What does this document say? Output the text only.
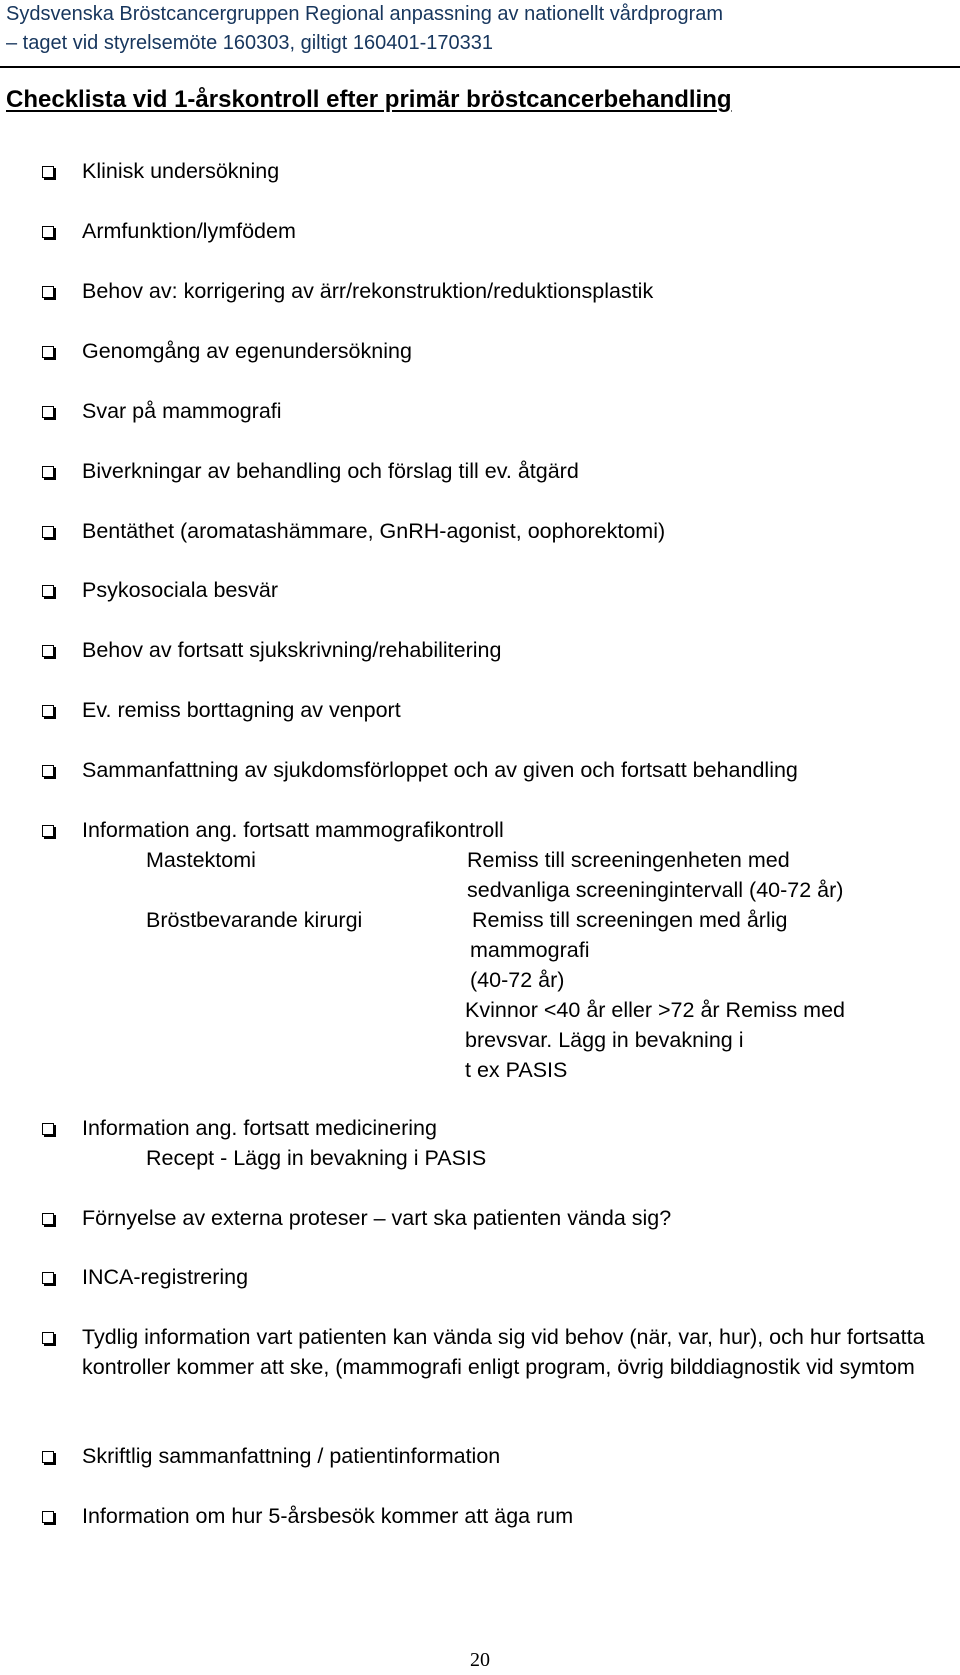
Sydsvenska Bröstcancergruppen Regional anpassning av nationellt vårdprogram
– taget vid styrelsemöte 160303, giltigt 160401-170331
Checklista vid 1-årskontroll efter primär bröstcancerbehandling
Klinisk undersökning
Armfunktion/lymfödem
Behov av: korrigering av ärr/rekonstruktion/reduktionsplastik
Genomgång av egenundersökning
Svar på mammografi
Biverkningar av behandling och förslag till ev. åtgärd
Bentäthet (aromatashämmare, GnRH-agonist, oophorektomi)
Psykosociala besvär
Behov av fortsatt sjukskrivning/rehabilitering
Ev. remiss borttagning av venport
Sammanfattning av sjukdomsförloppet och av given och fortsatt behandling
Information ang. fortsatt mammografikontroll
Mastektomi	Remiss till screeningenheten med
sedvanliga screeningintervall (40-72 år)
Bröstbevarande kirurgi	Remiss till screeningen med årlig
mammografi
(40-72 år)
Kvinnor <40 år eller >72 år Remiss med
brevsvar. Lägg in bevakning i
t ex PASIS
Information ang. fortsatt medicinering
Recept - Lägg in bevakning i PASIS
Förnyelse av externa proteser – vart ska patienten vända sig?
INCA-registrering
Tydlig information vart patienten kan vända sig vid behov (när, var, hur), och hur fortsatta kontroller kommer att ske, (mammografi enligt program, övrig bilddiagnostik vid symtom
Skriftlig sammanfattning / patientinformation
Information om hur 5-årsbesök kommer att äga rum
20
